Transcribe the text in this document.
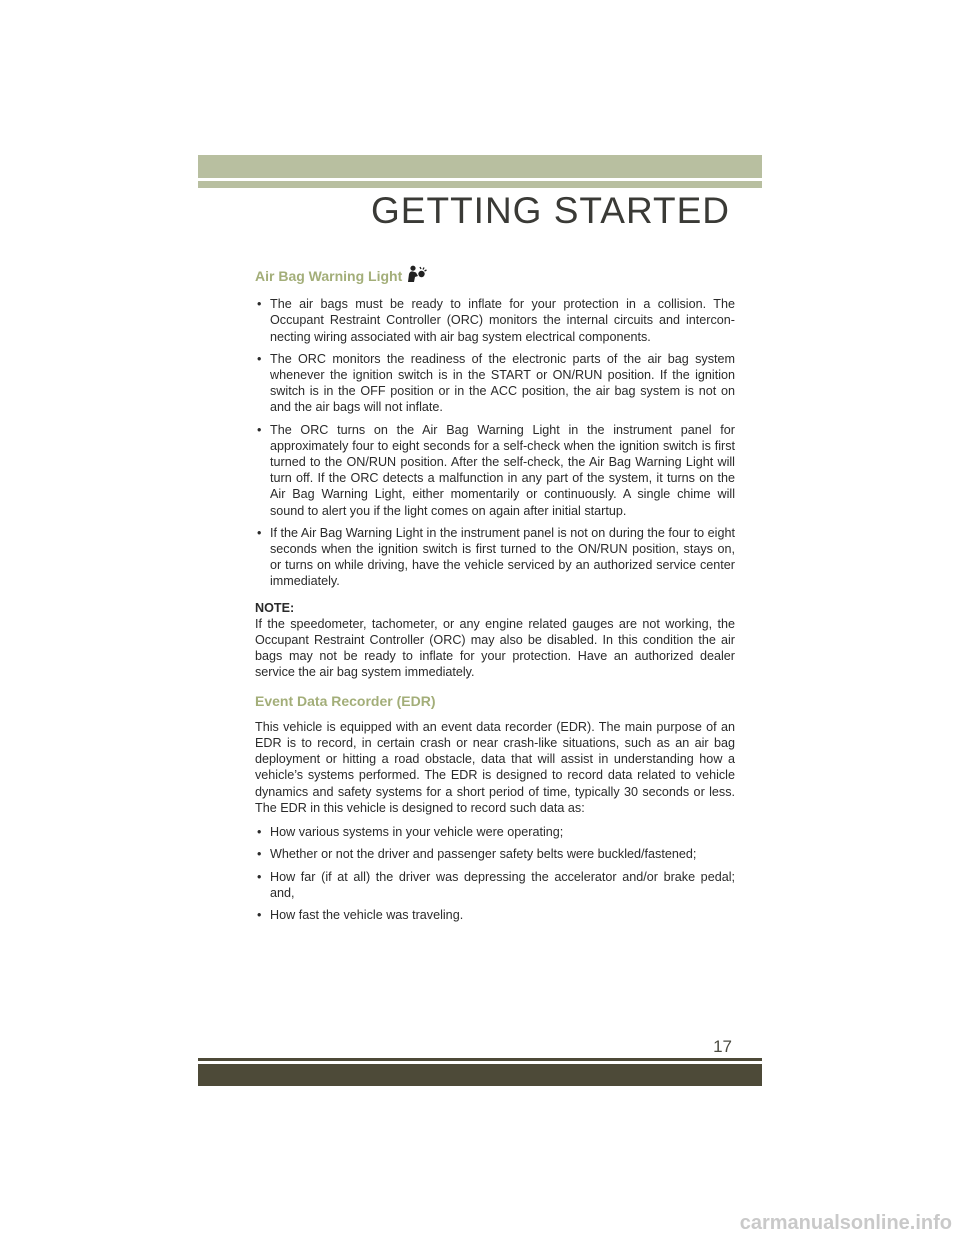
GETTING STARTED
Air Bag Warning Light
• The air bags must be ready to inflate for your protection in a collision. The Occupant Restraint Controller (ORC) monitors the internal circuits and intercon-necting wiring associated with air bag system electrical components.
• The ORC monitors the readiness of the electronic parts of the air bag system whenever the ignition switch is in the START or ON/RUN position. If the ignition switch is in the OFF position or in the ACC position, the air bag system is not on and the air bags will not inflate.
• The ORC turns on the Air Bag Warning Light in the instrument panel for approximately four to eight seconds for a self-check when the ignition switch is first turned to the ON/RUN position. After the self-check, the Air Bag Warning Light will turn off. If the ORC detects a malfunction in any part of the system, it turns on the Air Bag Warning Light, either momentarily or continuously. A single chime will sound to alert you if the light comes on again after initial startup.
• If the Air Bag Warning Light in the instrument panel is not on during the four to eight seconds when the ignition switch is first turned to the ON/RUN position, stays on, or turns on while driving, have the vehicle serviced by an authorized service center immediately.

NOTE:

If the speedometer, tachometer, or any engine related gauges are not working, the Occupant Restraint Controller (ORC) may also be disabled. In this condition the air bags may not be ready to inflate for your protection. Have an authorized dealer service the air bag system immediately.

Event Data Recorder (EDR)

This vehicle is equipped with an event data recorder (EDR). The main purpose of an EDR is to record, in certain crash or near crash-like situations, such as an air bag deployment or hitting a road obstacle, data that will assist in understanding how a vehicle’s systems performed. The EDR is designed to record data related to vehicle dynamics and safety systems for a short period of time, typically 30 seconds or less. The EDR in this vehicle is designed to record such data as:

• How various systems in your vehicle were operating;
• Whether or not the driver and passenger safety belts were buckled/fastened;
• How far (if at all) the driver was depressing the accelerator and/or brake pedal; and,
• How fast the vehicle was traveling.
17
carmanualsonline.info
